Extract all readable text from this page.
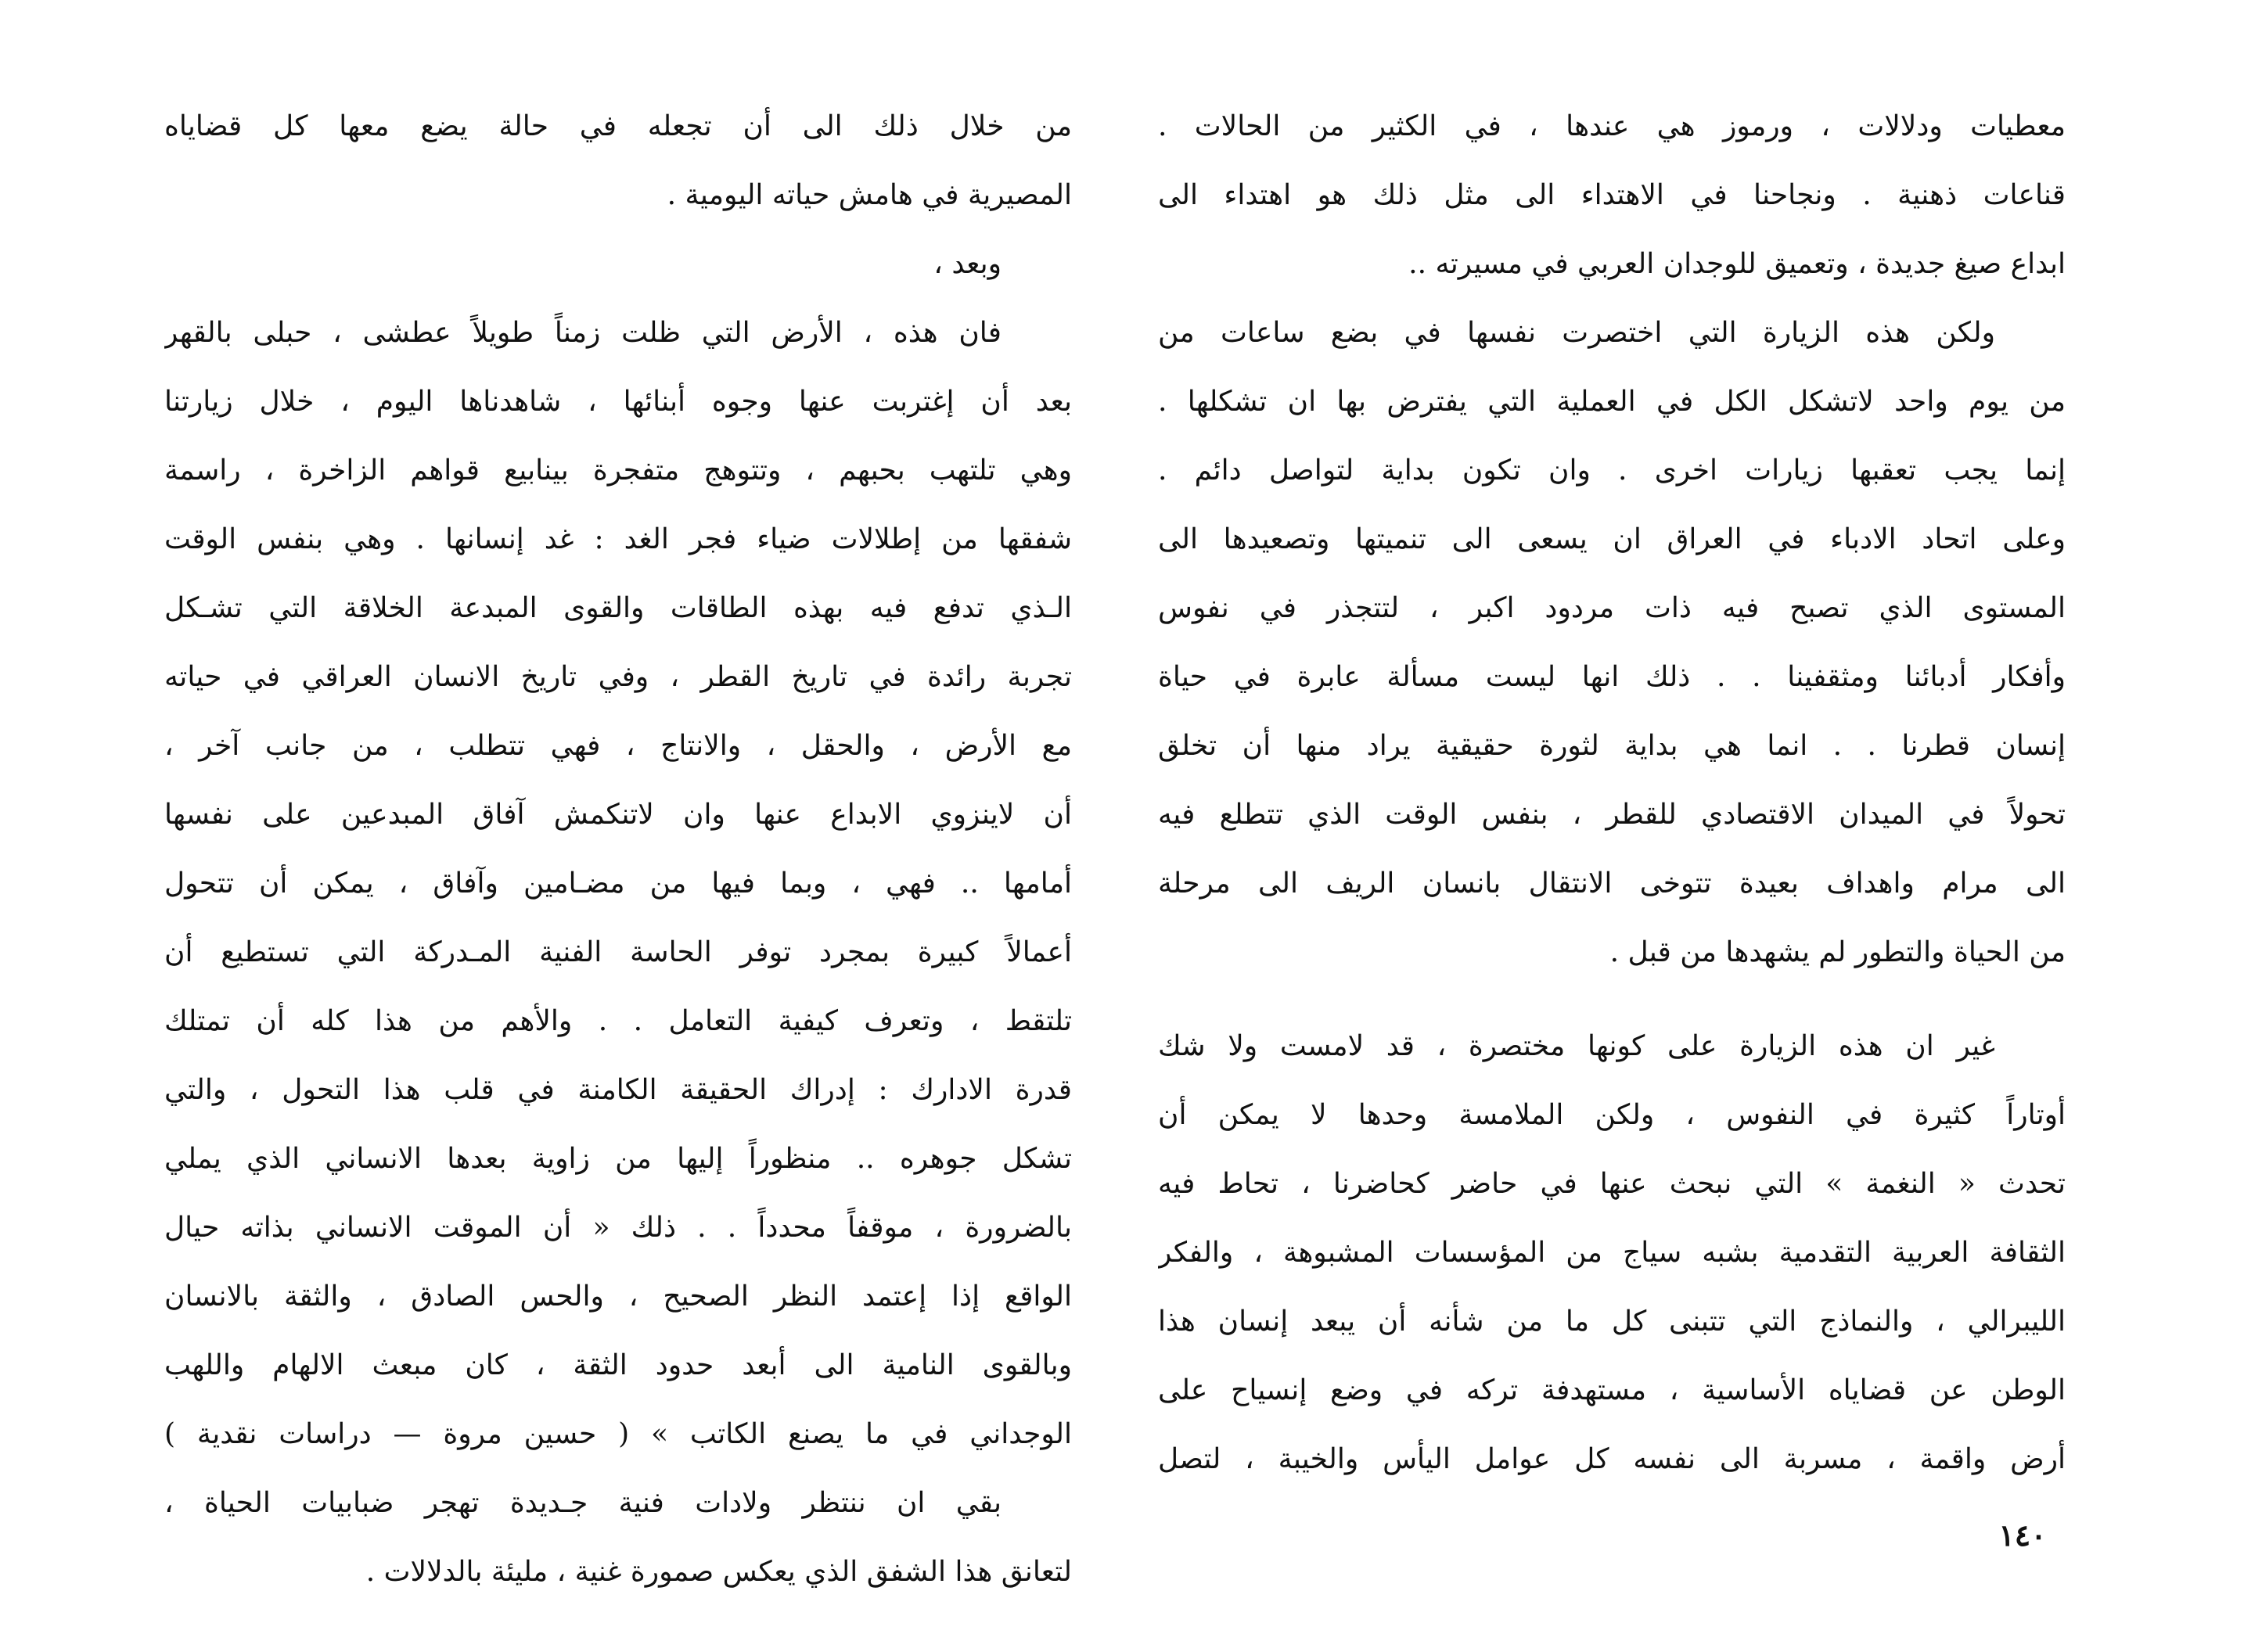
معطيات ودلالات ، ورموز هي عندها ، في الكثير من الحالات .
قناعات ذهنية . ونجاحنا في الاهتداء الى مثل ذلك هو اهتداء الى
ابداع صيغ جديدة ، وتعميق للوجدان العربي في مسيرته ..
ولكن هذه الزيارة التي اختصرت نفسها في بضع ساعات من
من يوم واحد لاتشكل الكل في العملية التي يفترض بها ان تشكلها .
إنما يجب تعقبها زيارات اخرى . وان تكون بداية لتواصل دائم .
وعلى اتحاد الادباء في العراق ان يسعى الى تنميتها وتصعيدها الى
المستوى الذي تصبح فيه ذات مردود اكبر ، لتتجذر في نفوس
وأفكار أدبائنا ومثقفينا . . ذلك انها ليست مسألة عابرة في حياة
إنسان قطرنا . . انما هي بداية لثورة حقيقية يراد منها أن تخلق
تحولاً في الميدان الاقتصادي للقطر ، بنفس الوقت الذي تتطلع فيه
الى مرام واهداف بعيدة تتوخى الانتقال بانسان الريف الى مرحلة
من الحياة والتطور لم يشهدها من قبل .
غير ان هذه الزيارة على كونها مختصرة ، قد لامست ولا شك
أوتاراً كثيرة في النفوس ، ولكن الملامسة وحدها لا يمكن أن
تحدث « النغمة » التي نبحث عنها في حاضر كحاضرنا ، تحاط فيه
الثقافة العربية التقدمية بشبه سياج من المؤسسات المشبوهة ، والفكر
الليبرالي ، والنماذج التي تتبنى كل ما من شأنه أن يبعد إنسان هذا
الوطن عن قضاياه الأساسية ، مستهدفة تركه في وضع إنسياح على
أرض واقمة ، مسربة الى نفسه كل عوامل اليأس والخيبة ، لتصل
من خلال ذلك الى أن تجعله في حالة يضع معها كل قضاياه
المصيرية في هامش حياته اليومية .
وبعد ،
فان هذه ، الأرض التي ظلت زمناً طويلاً عطشى ، حبلى بالقهر
بعد أن إغتربت عنها وجوه أبنائها ، شاهدناها اليوم ، خلال زيارتنا
وهي تلتهب بحبهم ، وتتوهج متفجرة بينابيع قواهم الزاخرة ، راسمة
شفقها من إطلالات ضياء فجر الغد : غد إنسانها . وهي بنفس الوقت
الـذي تدفع فيه بهذه الطاقات والقوى المبدعة الخلاقة التي تشـكل
تجربة رائدة في تاريخ القطر ، وفي تاريخ الانسان العراقي في حياته
مع الأرض ، والحقل ، والانتاج ، فهي تتطلب ، من جانب آخر ،
أن لاينزوي الابداع عنها وان لاتنكمش آفاق المبدعين على نفسها
أمامها .. فهي ، وبما فيها من مضـامين وآفاق ، يمكن أن تتحول
أعمالاً كبيرة بمجرد توفر الحاسة الفنية المـدركة التي تستطيع أن
تلتقط ، وتعرف كيفية التعامل . . والأهم من هذا كله أن تمتلك
قدرة الادارك : إدراك الحقيقة الكامنة في قلب هذا التحول ، والتي
تشكل جوهره .. منظوراً إليها من زاوية بعدها الانساني الذي يملي
بالضرورة ، موقفاً محدداً . . ذلك « أن الموقت الانساني بذاته حيال
الواقع إذا إعتمد النظر الصحيح ، والحس الصادق ، والثقة بالانسان
وبالقوى النامية الى أبعد حدود الثقة ، كان مبعث الالهام واللهب
الوجداني في ما يصنع الكاتب » ( حسين مروة — دراسات نقدية )
بقي ان ننتظر ولادات فنية جـديدة تهجر ضبابيات الحياة ،
لتعانق هذا الشفق الذي يعكس صمورة غنية ، مليئة بالدلالات .
١٤٠
